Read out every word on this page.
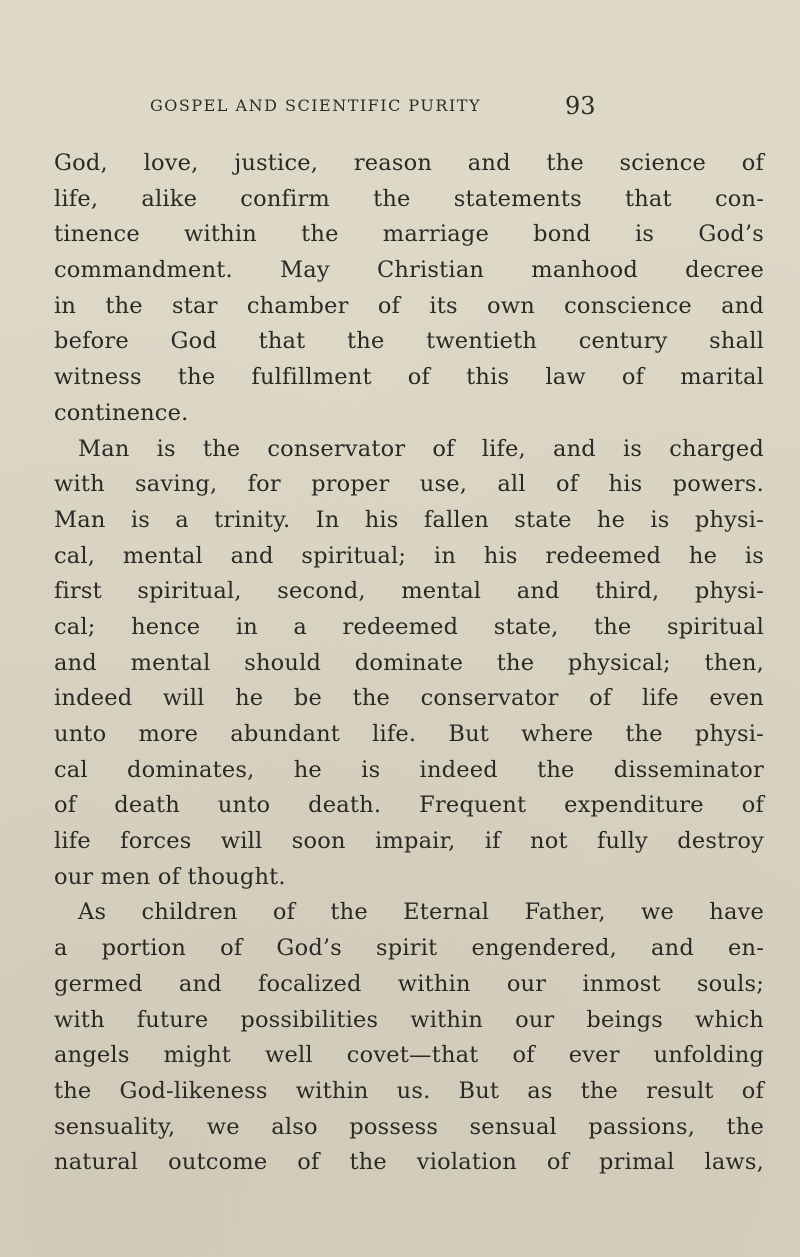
GOSPEL AND SCIENTIFIC PURITY	93
God, love, justice, reason and the science of
life, alike confirm the statements that con-
tinence within the marriage bond is God’s
commandment. May Christian manhood decree
in the star chamber of its own conscience and
before God that the twentieth century shall
witness the fulfillment of this law of marital
continence.
Man is the conservator of life, and is charged
with saving, for proper use, all of his powers.
Man is a trinity. In his fallen state he is physi-
cal, mental and spiritual; in his redeemed he is
first spiritual, second, mental and third, physi-
cal; hence in a redeemed state, the spiritual
and mental should dominate the physical; then,
indeed will he be the conservator of life even
unto more abundant life. But where the physi-
cal dominates, he is indeed the disseminator
of death unto death. Frequent expenditure of
life forces will soon impair, if not fully destroy
our men of thought.
As children of the Eternal Father, we have
a portion of God’s spirit engendered, and en-
germed and focalized within our inmost souls;
with future possibilities within our beings which
angels might well covet—that of ever unfolding
the God-likeness within us. But as the result of
sensuality, we also possess sensual passions, the
natural outcome of the violation of primal laws,
